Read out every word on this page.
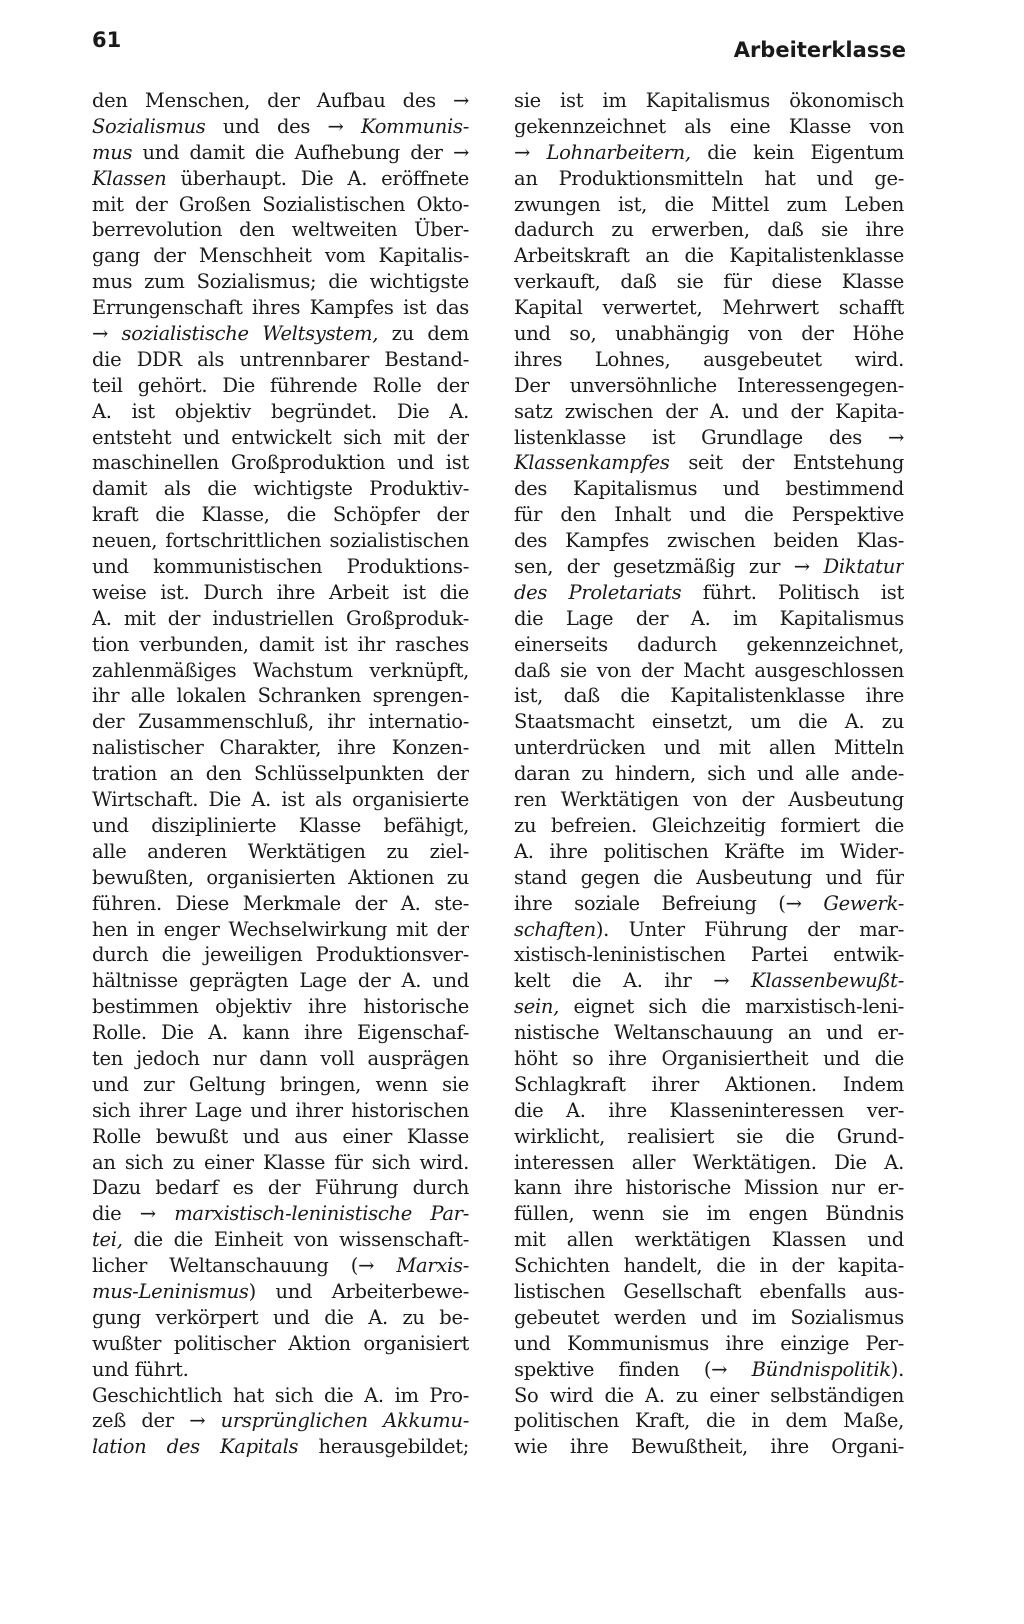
61	Arbeiterklasse
den Menschen, der Aufbau des →
Sozialismus und des → Kommunis-
mus und damit die Aufhebung der →
Klassen überhaupt. Die A. eröffnete
mit der Großen Sozialistischen Okto-
berrevolution den weltweiten Über-
gang der Menschheit vom Kapitalis-
mus zum Sozialismus; die wichtigste
Errungenschaft ihres Kampfes ist das
→ sozialistische Weltsystem, zu dem
die DDR als untrennbarer Bestand-
teil gehört. Die führende Rolle der
A. ist objektiv begründet. Die A.
entsteht und entwickelt sich mit der
maschinellen Großproduktion und ist
damit als die wichtigste Produktiv-
kraft die Klasse, die Schöpfer der
neuen, fortschrittlichen sozialistischen
und kommunistischen Produktions-
weise ist. Durch ihre Arbeit ist die
A. mit der industriellen Großproduk-
tion verbunden, damit ist ihr rasches
zahlenmäßiges Wachstum verknüpft,
ihr alle lokalen Schranken sprengen-
der Zusammenschluß, ihr internatio-
nalistischer Charakter, ihre Konzen-
tration an den Schlüsselpunkten der
Wirtschaft. Die A. ist als organisierte
und disziplinierte Klasse befähigt,
alle anderen Werktätigen zu ziel-
bewußten, organisierten Aktionen zu
führen. Diese Merkmale der A. ste-
hen in enger Wechselwirkung mit der
durch die jeweiligen Produktionsver-
hältnisse geprägten Lage der A. und
bestimmen objektiv ihre historische
Rolle. Die A. kann ihre Eigenschaf-
ten jedoch nur dann voll ausprägen
und zur Geltung bringen, wenn sie
sich ihrer Lage und ihrer historischen
Rolle bewußt und aus einer Klasse
an sich zu einer Klasse für sich wird.
Dazu bedarf es der Führung durch
die → marxistisch-leninistische Par-
tei, die die Einheit von wissenschaft-
licher Weltanschauung (→ Marxis-
mus-Leninismus) und Arbeiterbewe-
gung verkörpert und die A. zu be-
wußter politischer Aktion organisiert
und führt.
Geschichtlich hat sich die A. im Pro-
zeß der → ursprünglichen Akkumu-
lation des Kapitals herausgebildet;
sie ist im Kapitalismus ökonomisch
gekennzeichnet als eine Klasse von
→ Lohnarbeitern, die kein Eigentum
an Produktionsmitteln hat und ge-
zwungen ist, die Mittel zum Leben
dadurch zu erwerben, daß sie ihre
Arbeitskraft an die Kapitalistenklasse
verkauft, daß sie für diese Klasse
Kapital verwertet, Mehrwert schafft
und so, unabhängig von der Höhe
ihres Lohnes, ausgebeutet wird.
Der unversöhnliche Interessengegen-
satz zwischen der A. und der Kapita-
listenklasse ist Grundlage des →
Klassenkampfes seit der Entstehung
des Kapitalismus und bestimmend
für den Inhalt und die Perspektive
des Kampfes zwischen beiden Klas-
sen, der gesetzmäßig zur → Diktatur
des Proletariats führt. Politisch ist
die Lage der A. im Kapitalismus
einerseits dadurch gekennzeichnet,
daß sie von der Macht ausgeschlossen
ist, daß die Kapitalistenklasse ihre
Staatsmacht einsetzt, um die A. zu
unterdrücken und mit allen Mitteln
daran zu hindern, sich und alle ande-
ren Werktätigen von der Ausbeutung
zu befreien. Gleichzeitig formiert die
A. ihre politischen Kräfte im Wider-
stand gegen die Ausbeutung und für
ihre soziale Befreiung (→ Gewerk-
schaften). Unter Führung der mar-
xistisch-leninistischen Partei entwik-
kelt die A. ihr → Klassenbewußt-
sein, eignet sich die marxistisch-leni-
nistische Weltanschauung an und er-
höht so ihre Organisiertheit und die
Schlagkraft ihrer Aktionen. Indem
die A. ihre Klasseninteressen ver-
wirklicht, realisiert sie die Grund-
interessen aller Werktätigen. Die A.
kann ihre historische Mission nur er-
füllen, wenn sie im engen Bündnis
mit allen werktätigen Klassen und
Schichten handelt, die in der kapita-
listischen Gesellschaft ebenfalls aus-
gebeutet werden und im Sozialismus
und Kommunismus ihre einzige Per-
spektive finden (→ Bündnispolitik).
So wird die A. zu einer selbständigen
politischen Kraft, die in dem Maße,
wie ihre Bewußtheit, ihre Organi-
